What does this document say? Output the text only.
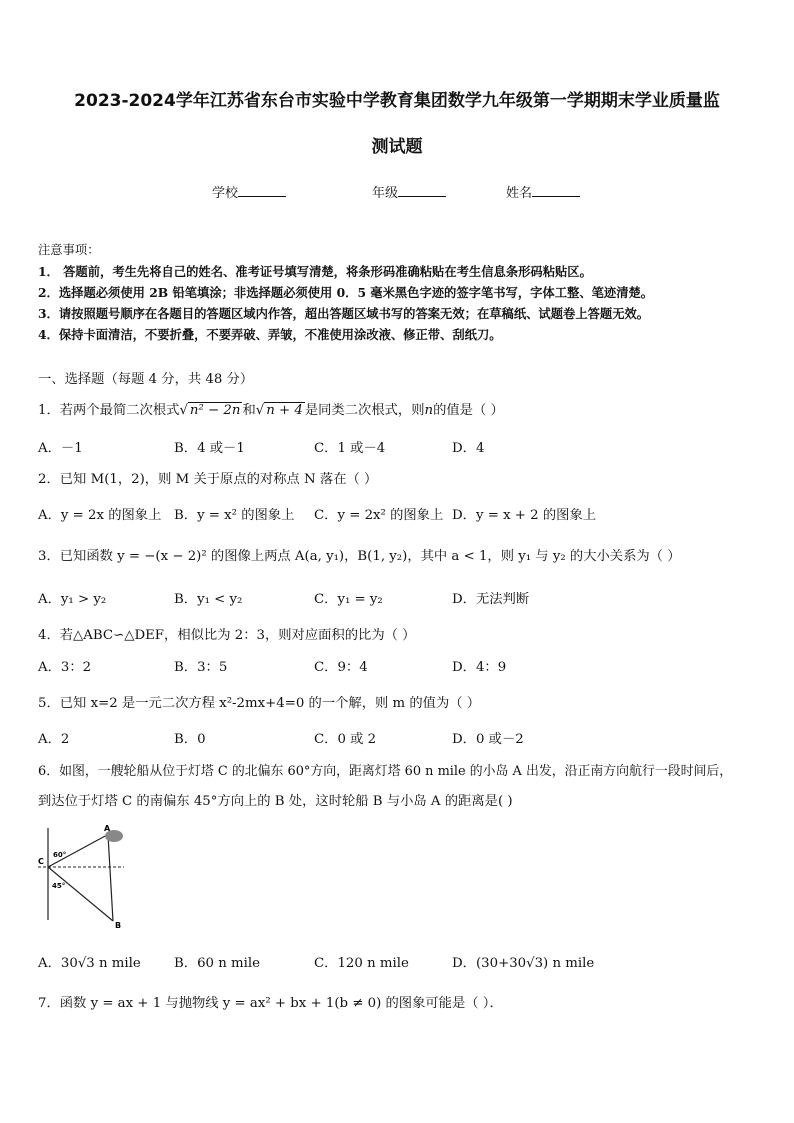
2023-2024学年江苏省东台市实验中学教育集团数学九年级第一学期期末学业质量监
测试题
学校	年级	姓名
注意事项：
1． 答题前，考生先将自己的姓名、准考证号填写清楚，将条形码准确粘贴在考生信息条形码粘贴区。
2．选择题必须使用 2B 铅笔填涂；非选择题必须使用 0．5 毫米黑色字迹的签字笔书写，字体工整、笔迹清楚。
3．请按照题号顺序在各题目的答题区域内作答，超出答题区域书写的答案无效；在草稿纸、试题卷上答题无效。
4．保持卡面清洁，不要折叠，不要弄破、弄皱，不准使用涂改液、修正带、刮纸刀。
一、选择题（每题 4 分，共 48 分）
1．若两个最简二次根式√ n² − 2n 和√ n + 4 是同类二次根式，则n的值是（ ）
A．－1	B．4 或－1	C．1 或－4	D．4
2．已知 M(1，2)，则 M 关于原点的对称点 N 落在（ ）
A．y = 2x 的图象上 B．y = x² 的图象上 C．y = 2x² 的图象上 D．y = x + 2 的图象上
3．已知函数 y = −(x − 2)² 的图像上两点 A(a, y₁)，B(1, y₂)，其中 a < 1，则 y₁ 与 y₂ 的大小关系为（ ）
A．y₁ > y₂	B．y₁ < y₂	C．y₁ = y₂	D．无法判断
4．若△ABC∽△DEF，相似比为 2：3，则对应面积的比为（ ）
A．3：2	B．3：5	C．9：4	D．4：9
5．已知 x=2 是一元二次方程 x²-2mx+4=0 的一个解，则 m 的值为（ ）
A．2	B．0	C．0 或 2	D．0 或－2
6．如图，一艘轮船从位于灯塔 C 的北偏东 60°方向，距离灯塔 60 n mile 的小岛 A 出发，沿正南方向航行一段时间后，
到达位于灯塔 C 的南偏东 45°方向上的 B 处，这时轮船 B 与小岛 A 的距离是( )
A
B
C
60°
45°
A．30√3 n mile B．60 n mile	C．120 n mile	D．(30+30√3) n mile
7．函数 y = ax + 1 与抛物线 y = ax² + bx + 1(b ≠ 0) 的图象可能是（ ）．
